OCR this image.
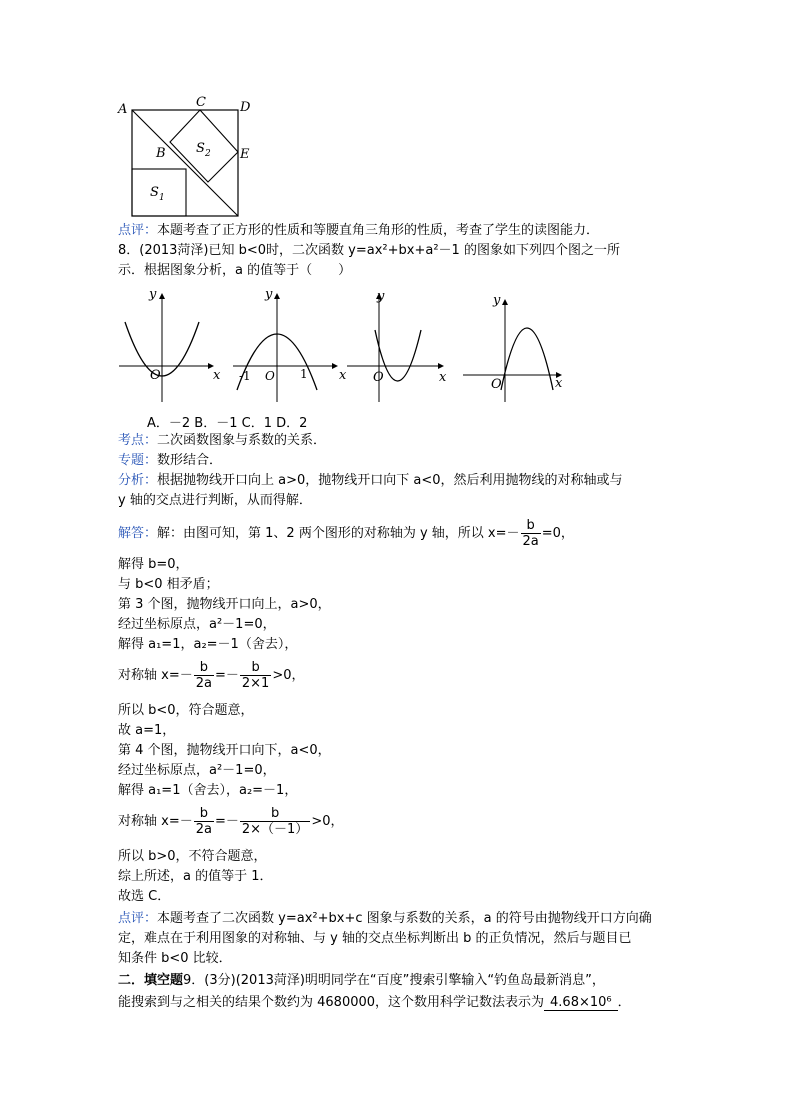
A	C	D
B	E
S 2
S 1
点评：本题考查了正方形的性质和等腰直角三角形的性质，考查了学生的读图能力．
8．(2013菏泽)已知 b<0时，二次函数 y=ax²+bx+a²－1 的图象如下列四个图之一所
示．根据图象分析，a 的值等于（　　）
y
x
O
y
x
O
-1	1
y
x
O
y
x
O
A．－2 B．－1 C．1 D．2
考点：二次函数图象与系数的关系．
专题：数形结合．
分析：根据抛物线开口向上 a>0，抛物线开口向下 a<0，然后利用抛物线的对称轴或与
y 轴的交点进行判断，从而得解．
解答：解：由图可知，第 1、2 两个图形的对称轴为 y 轴，所以 $x=- \frac{b}{2a} =0$，
解得 b=0，
与 b<0 相矛盾；
第 3 个图，抛物线开口向上，a>0，
经过坐标原点，a²－1=0，
解得 a₁=1，a₂=－1（舍去），
对称轴 $x=- \frac{b}{2a} =- \frac{b}{2\times 1} >0$，
所以 b<0，符合题意，
故 a=1，
第 4 个图，抛物线开口向下，a<0，
经过坐标原点，a²－1=0，
解得 a₁=1（舍去），a₂=－1，
对称轴 $x=- \frac{b}{2a} =- \frac{b}{2\times(-1)} >0$，
所以 b>0，不符合题意，
综上所述，a 的值等于 1．
故选 C．
点评：本题考查了二次函数 y=ax²+bx+c 图象与系数的关系，a 的符号由抛物线开口方向确
定，难点在于利用图象的对称轴、与 y 轴的交点坐标判断出 b 的正负情况，然后与题目已
知条件 b<0 比较．
二．填空题9．(3分)(2013菏泽)明明同学在“百度”搜索引擎输入“钓鱼岛最新消息”，
能搜索到与之相关的结果个数约为 4680000，这个数用科学记数法表示为 4.68×10⁶ ．
